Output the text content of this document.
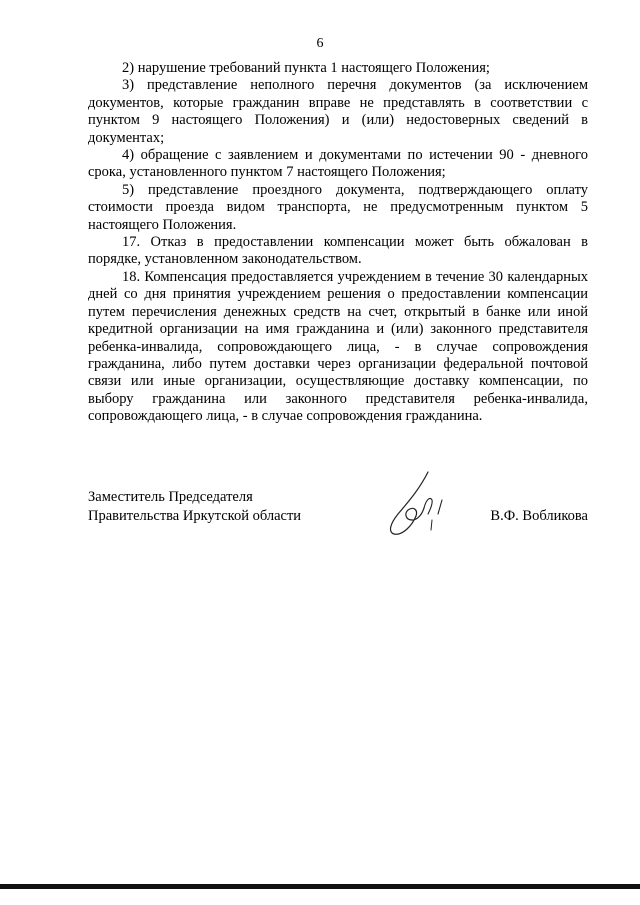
6

2) нарушение требований пункта 1 настоящего Положения;

3) представление неполного перечня документов (за исключением документов, которые гражданин вправе не представлять в соответствии с пунктом 9 настоящего Положения) и (или) недостоверных сведений в документах;

4) обращение с заявлением и документами по истечении 90 - дневного срока, установленного пунктом 7 настоящего Положения;

5) представление проездного документа, подтверждающего оплату стоимости проезда видом транспорта, не предусмотренным пунктом 5 настоящего Положения.

17. Отказ в предоставлении компенсации может быть обжалован в порядке, установленном законодательством.

18. Компенсация предоставляется учреждением в течение 30 календарных дней со дня принятия учреждением решения о предоставлении компенсации путем перечисления денежных средств на счет, открытый в банке или иной кредитной организации на имя гражданина и (или) законного представителя ребенка-инвалида, сопровождающего лица, - в случае сопровождения гражданина, либо путем доставки через организации федеральной почтовой связи или иные организации, осуществляющие доставку компенсации, по выбору гражданина или законного представителя ребенка-инвалида, сопровождающего лица, - в случае сопровождения гражданина.

Заместитель Председателя
Правительства Иркутской области	В.Ф. Вобликова
